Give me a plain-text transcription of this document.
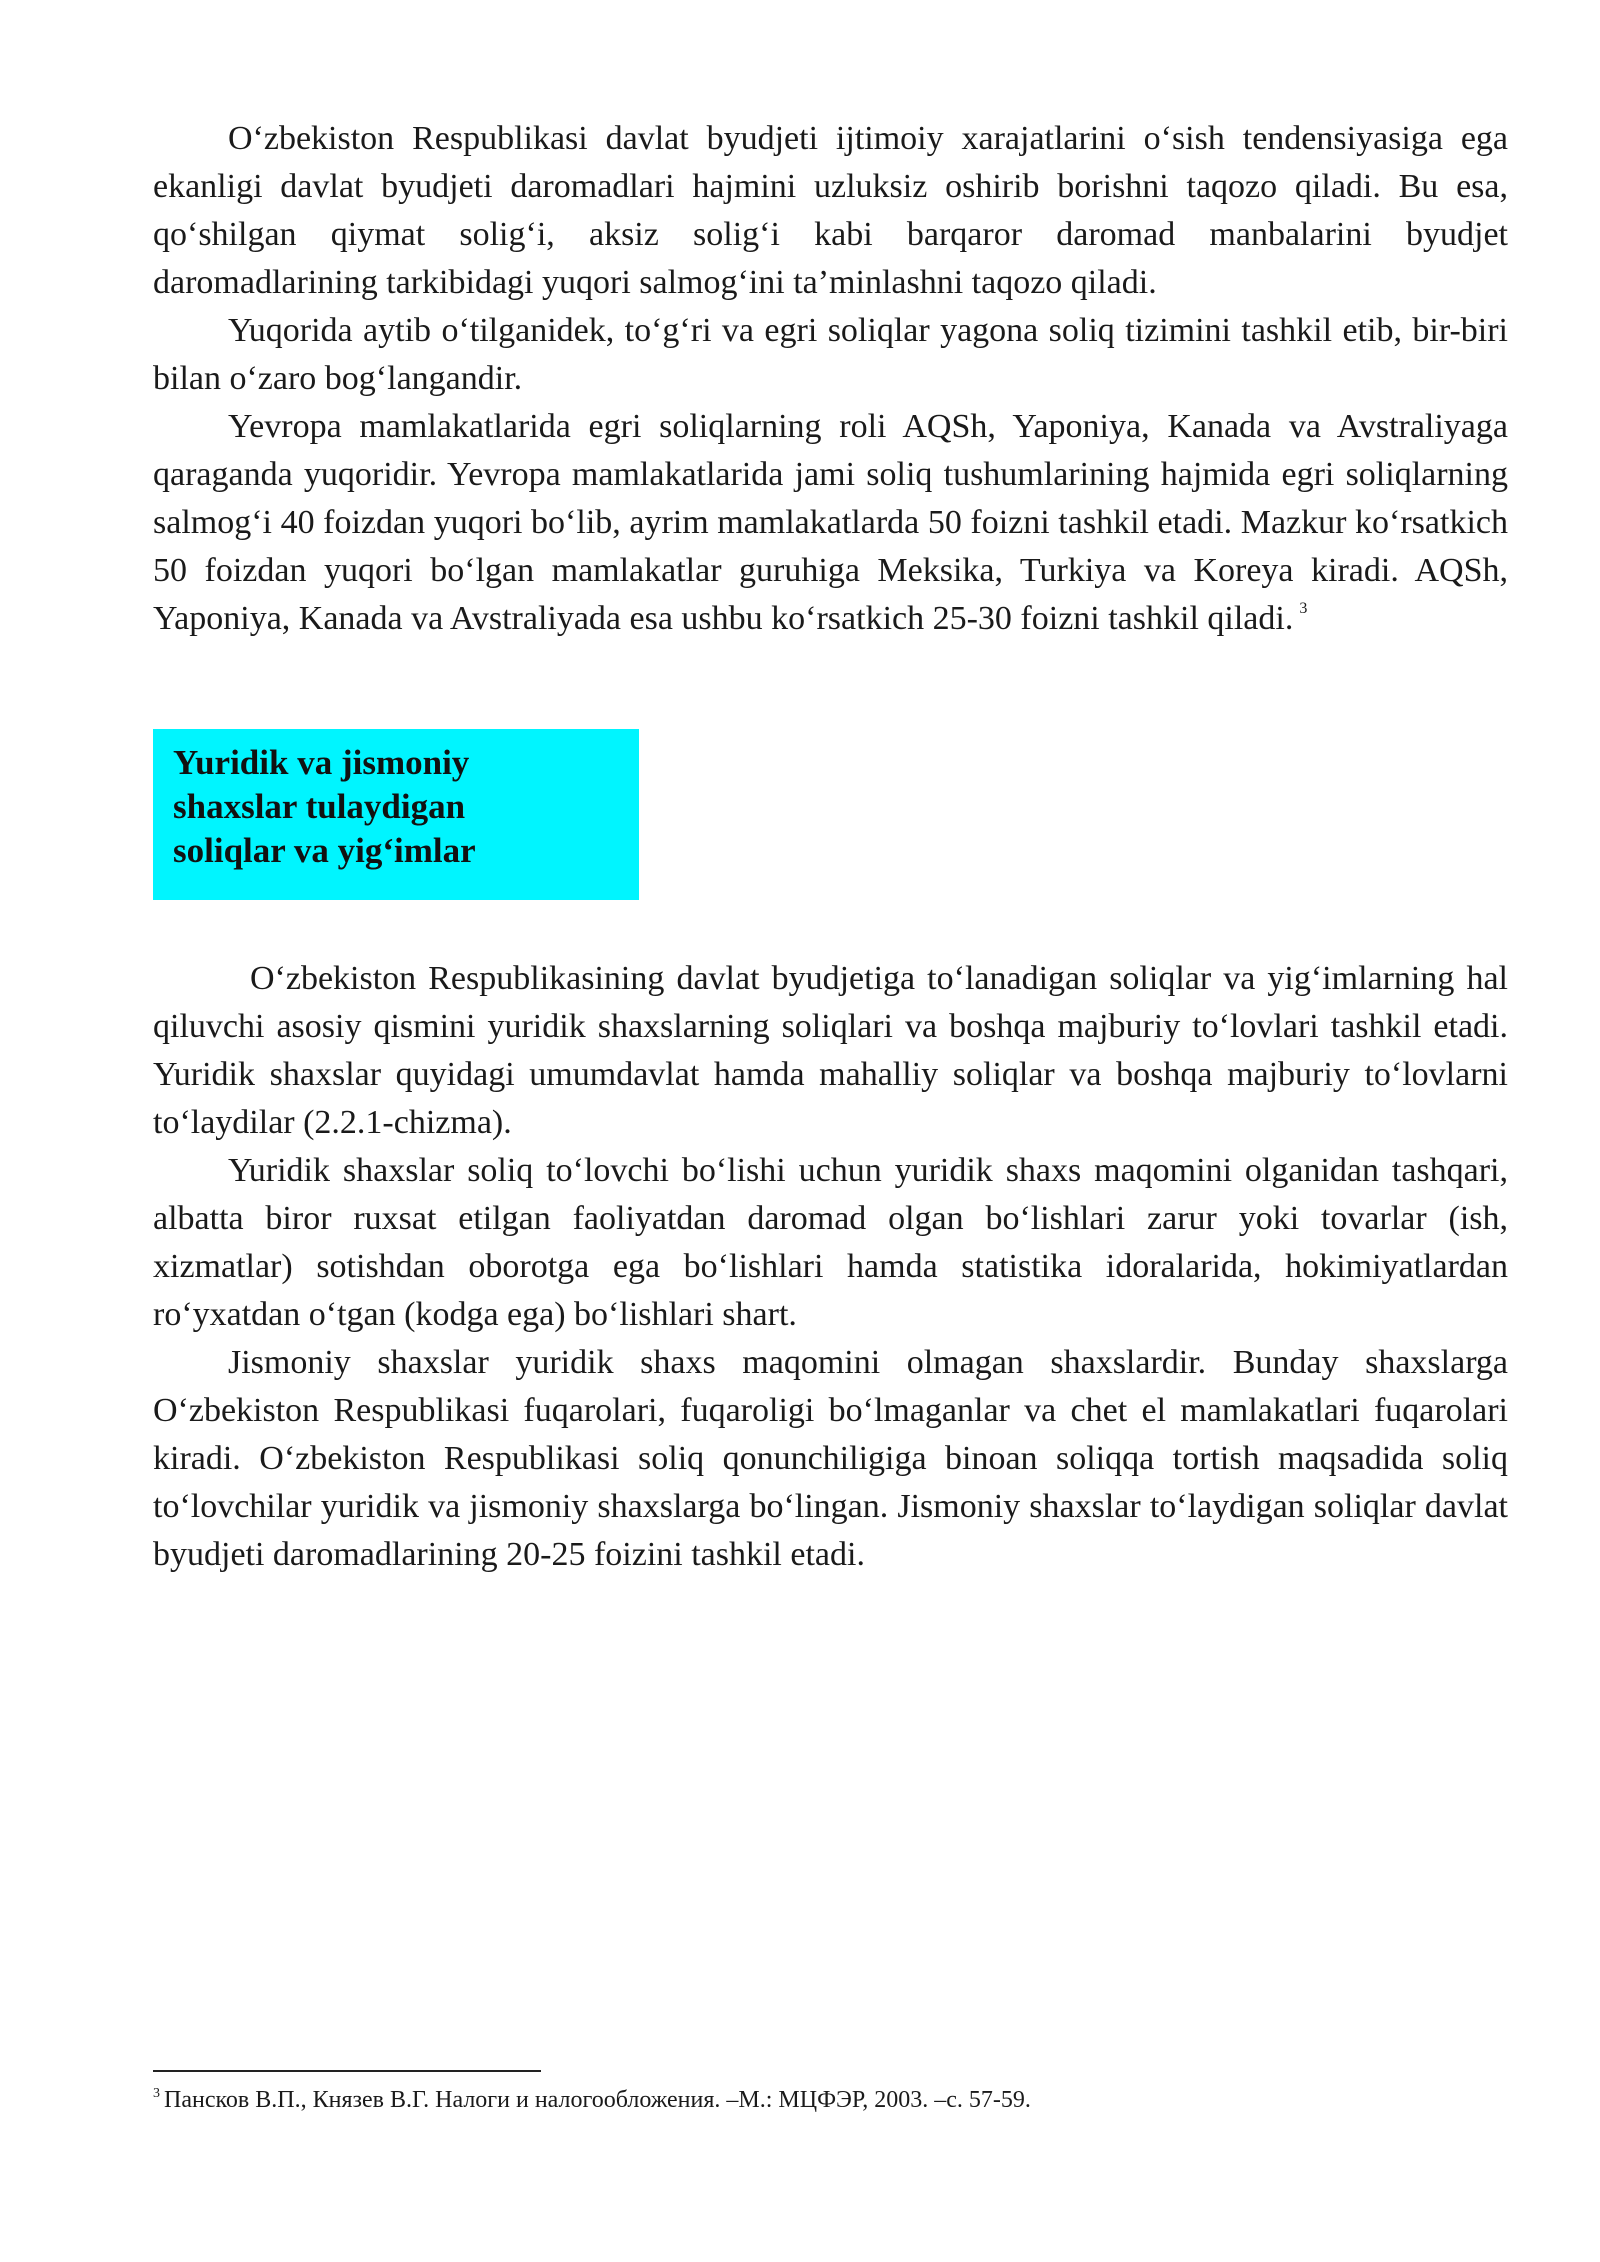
O‘zbekiston Respublikasi davlat byudjeti ijtimoiy xarajatlarini o‘sish tendensiyasiga ega ekanligi davlat byudjeti daromadlari hajmini uzluksiz oshirib borishni taqozo qiladi. Bu esa, qo‘shilgan qiymat solig‘i, aksiz solig‘i kabi barqaror daromad manbalarini byudjet daromadlarining tarkibidagi yuqori salmog‘ini ta’minlashni taqozo qiladi.

Yuqorida aytib o‘tilganidek, to‘g‘ri va egri soliqlar yagona soliq tizimini tashkil etib, bir-biri bilan o‘zaro bog‘langandir.

Yevropa mamlakatlarida egri soliqlarning roli AQSh, Yaponiya, Kanada va Avstraliyaga qaraganda yuqoridir. Yevropa mamlakatlarida jami soliq tushumlarining hajmida egri soliqlarning salmog‘i 40 foizdan yuqori bo‘lib, ayrim mamlakatlarda 50 foizni tashkil etadi. Mazkur ko‘rsatkich 50 foizdan yuqori bo‘lgan mamlakatlar guruhiga Meksika, Turkiya va Koreya kiradi. AQSh, Yaponiya, Kanada va Avstraliyada esa ushbu ko‘rsatkich 25-30 foizni tashkil qiladi. $^3$

Yuridik va jismoniy
shaxslar tulaydigan
soliqlar va yig‘imlar

O‘zbekiston Respublikasining davlat byudjetiga to‘lanadigan soliqlar va yig‘imlarning hal qiluvchi asosiy qismini yuridik shaxslarning soliqlari va boshqa majburiy to‘lovlari tashkil etadi. Yuridik shaxslar quyidagi umumdavlat hamda mahalliy soliqlar va boshqa majburiy to‘lovlarni to‘laydilar (2.2.1-chizma).

Yuridik shaxslar soliq to‘lovchi bo‘lishi uchun yuridik shaxs maqomini olganidan tashqari, albatta biror ruxsat etilgan faoliyatdan daromad olgan bo‘lishlari zarur yoki tovarlar (ish, xizmatlar) sotishdan oborotga ega bo‘lishlari hamda statistika idoralarida, hokimiyatlardan ro‘yxatdan o‘tgan (kodga ega) bo‘lishlari shart.

Jismoniy shaxslar yuridik shaxs maqomini olmagan shaxslardir. Bunday shaxslarga O‘zbekiston Respublikasi fuqarolari, fuqaroligi bo‘lmaganlar va chet el mamlakatlari fuqarolari kiradi. O‘zbekiston Respublikasi soliq qonunchiligiga binoan soliqqa tortish maqsadida soliq to‘lovchilar yuridik va jismoniy shaxslarga bo‘lingan. Jismoniy shaxslar to‘laydigan soliqlar davlat byudjeti daromadlarining 20-25 foizini tashkil etadi.

$^3$ Пансков В.П., Князев В.Г. Налоги и налогообложения. –М.: МЦФЭР, 2003. –с. 57-59.
